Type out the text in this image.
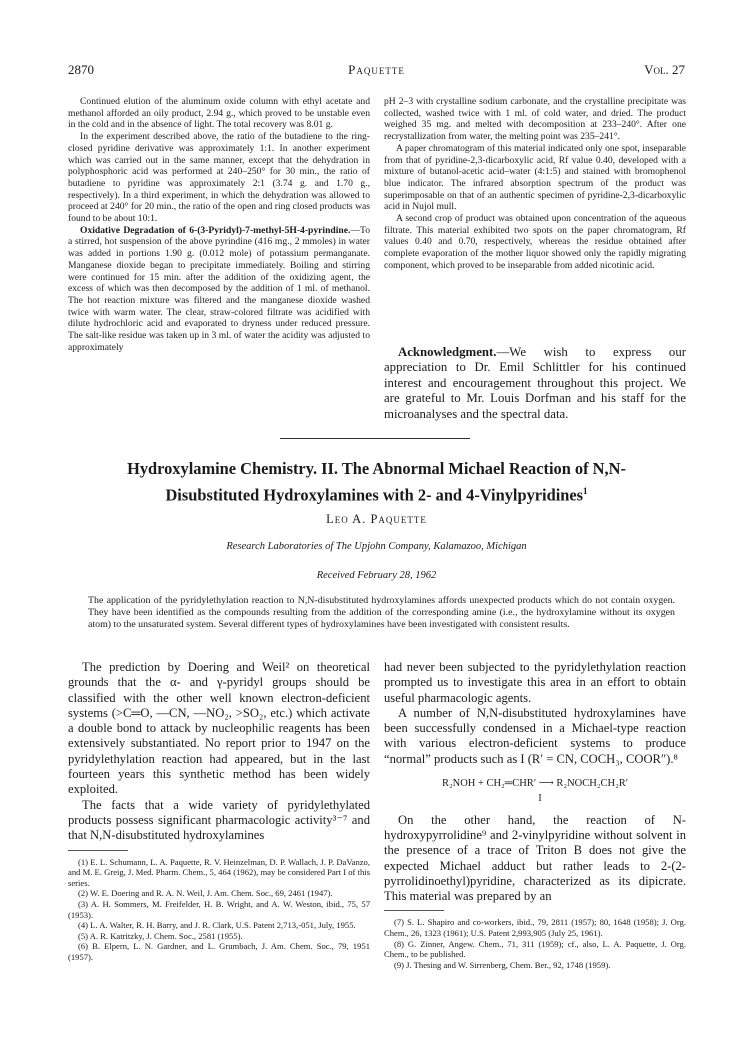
2870	Paquette	Vol. 27

Continued elution of the aluminum oxide column with ethyl acetate and methanol afforded an oily product, 2.94 g., which proved to be unstable even in the cold and in the absence of light. The total recovery was 8.01 g.

In the experiment described above, the ratio of the butadiene to the ring-closed pyridine derivative was approximately 1:1. In another experiment which was carried out in the same manner, except that the dehydration in polyphosphoric acid was performed at 240–250° for 30 min., the ratio of butadiene to pyridine was approximately 2:1 (3.74 g. and 1.70 g., respectively). In a third experiment, in which the dehydration was allowed to proceed at 240° for 20 min., the ratio of the open and ring closed products was found to be about 10:1.

Oxidative Degradation of 6-(3-Pyridyl)-7-methyl-5H-4-pyrindine.—To a stirred, hot suspension of the above pyrindine (416 mg., 2 mmoles) in water was added in portions 1.90 g. (0.012 mole) of potassium permanganate. Manganese dioxide began to precipitate immediately. Boiling and stirring were continued for 15 min. after the addition of the oxidizing agent, the excess of which was then decomposed by the addition of 1 ml. of methanol. The hot reaction mixture was filtered and the manganese dioxide washed twice with warm water. The clear, straw-colored filtrate was acidified with dilute hydrochloric acid and evaporated to dryness under reduced pressure. The salt-like residue was taken up in 3 ml. of water the acidity was adjusted to approximately

pH 2–3 with crystalline sodium carbonate, and the crystalline precipitate was collected, washed twice with 1 ml. of cold water, and dried. The product weighed 35 mg. and melted with decomposition at 233–240°. After one recrystallization from water, the melting point was 235–241°.

A paper chromatogram of this material indicated only one spot, inseparable from that of pyridine-2,3-dicarboxylic acid, Rf value 0.40, developed with a mixture of butanol-acetic acid–water (4:1:5) and stained with bromophenol blue indicator. The infrared absorption spectrum of the product was superimposable on that of an authentic specimen of pyridine-2,3-dicarboxylic acid in Nujol mull.

A second crop of product was obtained upon concentration of the aqueous filtrate. This material exhibited two spots on the paper chromatogram, Rf values 0.40 and 0.70, respectively, whereas the residue obtained after complete evaporation of the mother liquor showed only the rapidly migrating component, which proved to be inseparable from added nicotinic acid.

Acknowledgment.—We wish to express our appreciation to Dr. Emil Schlittler for his continued interest and encouragement throughout this project. We are grateful to Mr. Louis Dorfman and his staff for the microanalyses and the spectral data.

Hydroxylamine Chemistry. II. The Abnormal Michael Reaction of N,N-
Disubstituted Hydroxylamines with 2- and 4-Vinylpyridines$^1$
Leo A. Paquette
Research Laboratories of The Upjohn Company, Kalamazoo, Michigan
Received February 28, 1962
The application of the pyridylethylation reaction to N,N-disubstituted hydroxylamines affords unexpected products which do not contain oxygen. They have been identified as the compounds resulting from the addition of the corresponding amine (i.e., the hydroxylamine without its oxygen atom) to the unsaturated system. Several different types of hydroxylamines have been investigated with consistent results.

The prediction by Doering and Weil² on theoretical grounds that the α- and γ-pyridyl groups should be classified with the other well known electron-deficient systems (>C═O, —CN, —NO₂, >SO₂, etc.) which activate a double bond to attack by nucleophilic reagents has been extensively substantiated. No report prior to 1947 on the pyridylethylation reaction had appeared, but in the last fourteen years this synthetic method has been widely exploited.

The facts that a wide variety of pyridylethylated products possess significant pharmacologic activity³⁻⁷ and that N,N-disubstituted hydroxylamines

(1) E. L. Schumann, L. A. Paquette, R. V. Heinzelman, D. P. Wallach, J. P. DaVanzo, and M. E. Greig, J. Med. Pharm. Chem., 5, 464 (1962), may be considered Part I of this series.

(2) W. E. Doering and R. A. N. Weil, J. Am. Chem. Soc., 69, 2461 (1947).

(3) A. H. Sommers, M. Freifelder, H. B. Wright, and A. W. Weston, ibid., 75, 57 (1953).

(4) L. A. Walter, R. H. Barry, and J. R. Clark, U.S. Patent 2,713,-051, July, 1955.

(5) A. R. Katritzky, J. Chem. Soc., 2581 (1955).

(6) B. Elpern, L. N. Gardner, and L. Grumbach, J. Am. Chem. Soc., 79, 1951 (1957).

had never been subjected to the pyridylethylation reaction prompted us to investigate this area in an effort to obtain useful pharmacologic agents.

A number of N,N-disubstituted hydroxylamines have been successfully condensed in a Michael-type reaction with various electron-deficient systems to produce “normal” products such as I (R′ = CN, COCH₃, COOR″).⁸

R₂NOH + CH₂═CHR′ ⟶ R₂NOCH₂CH₂R′
I

On the other hand, the reaction of N-hydroxypyrrolidine⁹ and 2-vinylpyridine without solvent in the presence of a trace of Triton B does not give the expected Michael adduct but rather leads to 2-(2-pyrrolidinoethyl)pyridine, characterized as its dipicrate. This material was prepared by an

(7) S. L. Shapiro and co-workers, ibid., 79, 2811 (1957); 80, 1648 (1958); J. Org. Chem., 26, 1323 (1961); U.S. Patent 2,993,905 (July 25, 1961).

(8) G. Zinner, Angew. Chem., 71, 311 (1959); cf., also, L. A. Paquette, J. Org. Chem., to be published.

(9) J. Thesing and W. Sirrenberg, Chem. Ber., 92, 1748 (1959).
